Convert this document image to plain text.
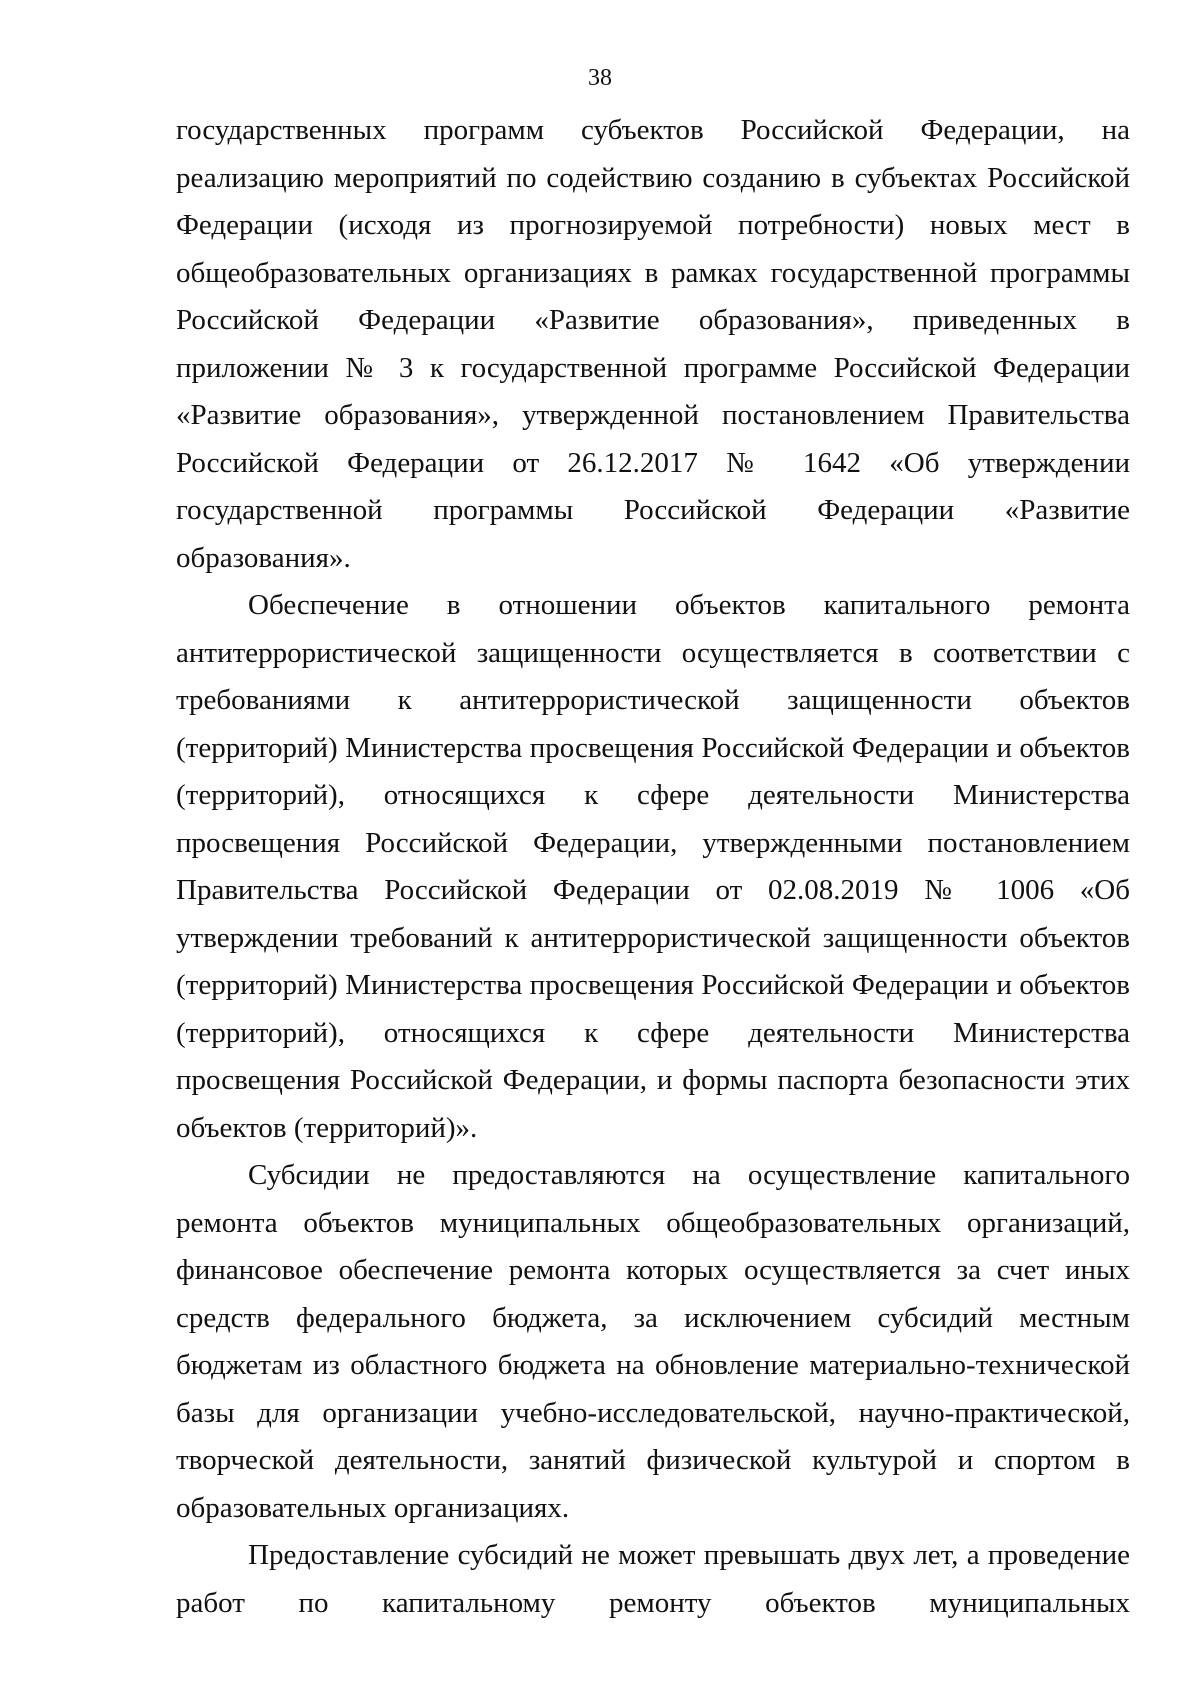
38

государственных программ субъектов Российской Федерации, на реализацию мероприятий по содействию созданию в субъектах Российской Федерации (исходя из прогнозируемой потребности) новых мест в общеобразовательных организациях в рамках государственной программы Российской Федерации «Развитие образования», приведенных в приложении № 3 к государственной программе Российской Федерации «Развитие образования», утвержденной постановлением Правительства Российской Федерации от 26.12.2017 № 1642 «Об утверждении государственной программы Российской Федерации «Развитие образования».

Обеспечение в отношении объектов капитального ремонта антитеррористической защищенности осуществляется в соответствии с требованиями к антитеррористической защищенности объектов (территорий) Министерства просвещения Российской Федерации и объектов (территорий), относящихся к сфере деятельности Министерства просвещения Российской Федерации, утвержденными постановлением Правительства Российской Федерации от 02.08.2019 № 1006 «Об утверждении требований к антитеррористической защищенности объектов (территорий) Министерства просвещения Российской Федерации и объектов (территорий), относящихся к сфере деятельности Министерства просвещения Российской Федерации, и формы паспорта безопасности этих объектов (территорий)».

Субсидии не предоставляются на осуществление капитального ремонта объектов муниципальных общеобразовательных организаций, финансовое обеспечение ремонта которых осуществляется за счет иных средств федерального бюджета, за исключением субсидий местным бюджетам из областного бюджета на обновление материально-технической базы для организации учебно-исследовательской, научно-практической, творческой деятельности, занятий физической культурой и спортом в образовательных организациях.

Предоставление субсидий не может превышать двух лет, а проведение работ по капитальному ремонту объектов муниципальных
